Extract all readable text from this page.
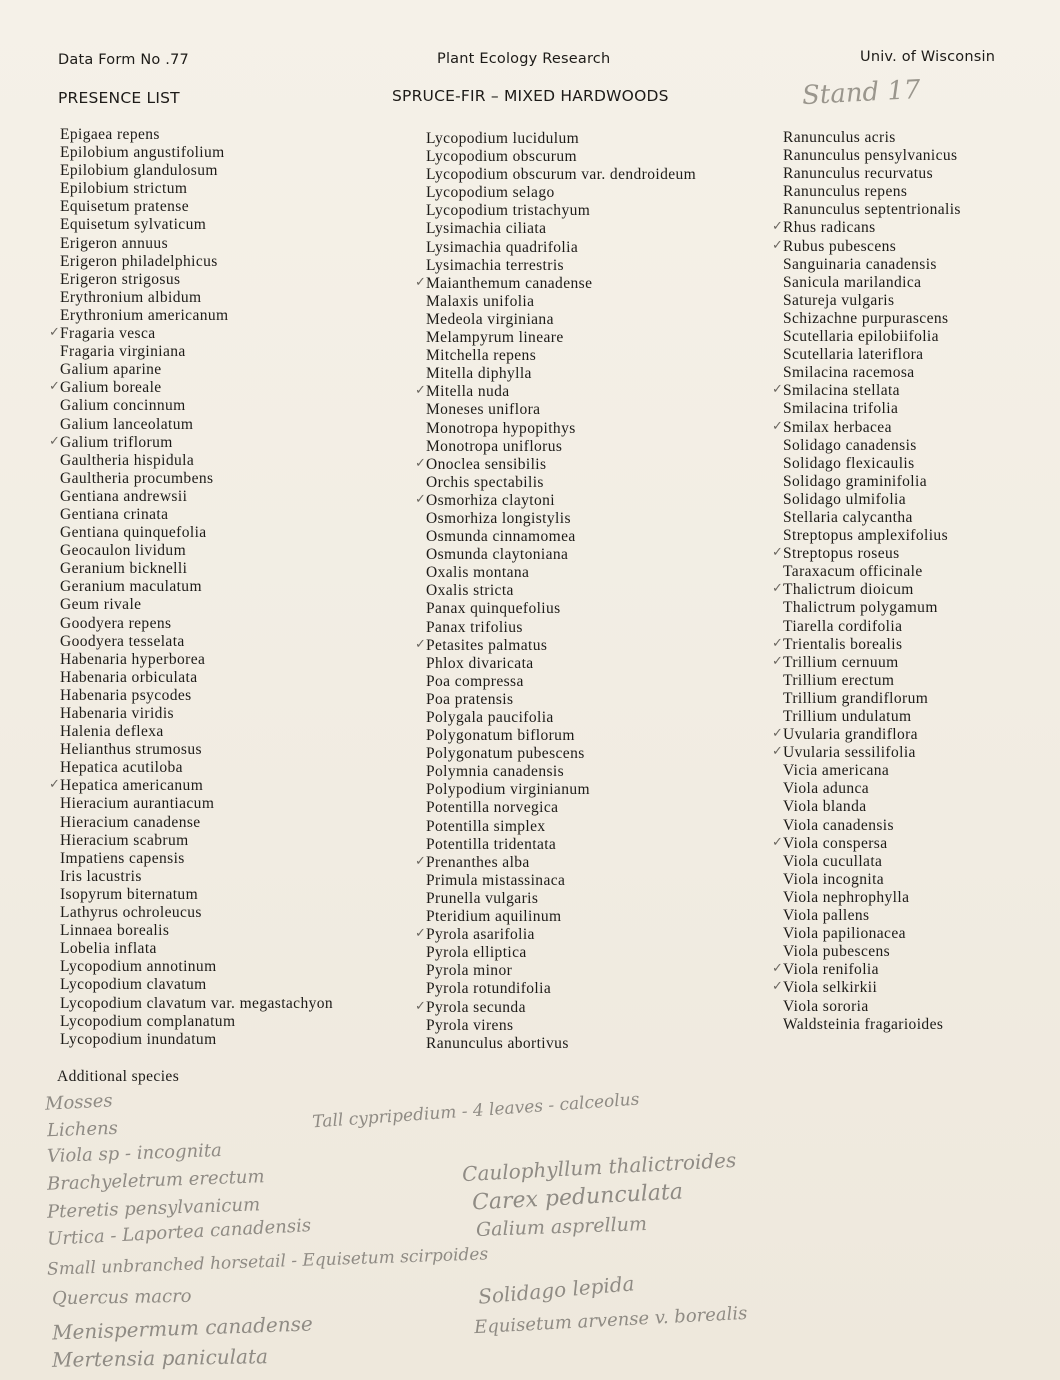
Data Form No .77	Plant Ecology Research	Univ. of Wisconsin
PRESENCE LIST	SPRUCE-FIR – MIXED HARDWOODS	Stand 17
Epigaea repens
Epilobium angustifolium
Epilobium glandulosum
Epilobium strictum
Equisetum pratense
Equisetum sylvaticum
Erigeron annuus
Erigeron philadelphicus
Erigeron strigosus
Erythronium albidum
Erythronium americanum
✓ Fragaria vesca
Fragaria virginiana
Galium aparine
✓ Galium boreale
Galium concinnum
Galium lanceolatum
✓ Galium triflorum
Gaultheria hispidula
Gaultheria procumbens
Gentiana andrewsii
Gentiana crinata
Gentiana quinquefolia
Geocaulon lividum
Geranium bicknelli
Geranium maculatum
Geum rivale
Goodyera repens
Goodyera tesselata
Habenaria hyperborea
Habenaria orbiculata
Habenaria psycodes
Habenaria viridis
Halenia deflexa
Helianthus strumosus
Hepatica acutiloba
✓ Hepatica americanum
Hieracium aurantiacum
Hieracium canadense
Hieracium scabrum
Impatiens capensis
Iris lacustris
Isopyrum biternatum
Lathyrus ochroleucus
Linnaea borealis
Lobelia inflata
Lycopodium annotinum
Lycopodium clavatum
Lycopodium clavatum var. megastachyon
Lycopodium complanatum
Lycopodium inundatum
Lycopodium lucidulum
Lycopodium obscurum
Lycopodium obscurum var. dendroideum
Lycopodium selago
Lycopodium tristachyum
Lysimachia ciliata
Lysimachia quadrifolia
Lysimachia terrestris
✓ Maianthemum canadense
Malaxis unifolia
Medeola virginiana
Melampyrum lineare
Mitchella repens
Mitella diphylla
✓ Mitella nuda
Moneses uniflora
Monotropa hypopithys
Monotropa uniflorus
✓ Onoclea sensibilis
Orchis spectabilis
✓ Osmorhiza claytoni
Osmorhiza longistylis
Osmunda cinnamomea
Osmunda claytoniana
Oxalis montana
Oxalis stricta
Panax quinquefolius
Panax trifolius
✓ Petasites palmatus
Phlox divaricata
Poa compressa
Poa pratensis
Polygala paucifolia
Polygonatum biflorum
Polygonatum pubescens
Polymnia canadensis
Polypodium virginianum
Potentilla norvegica
Potentilla simplex
Potentilla tridentata
✓ Prenanthes alba
Primula mistassinaca
Prunella vulgaris
Pteridium aquilinum
✓ Pyrola asarifolia
Pyrola elliptica
Pyrola minor
Pyrola rotundifolia
✓ Pyrola secunda
Pyrola virens
Ranunculus abortivus
Ranunculus acris
Ranunculus pensylvanicus
Ranunculus recurvatus
Ranunculus repens
Ranunculus septentrionalis
✓ Rhus radicans
✓ Rubus pubescens
Sanguinaria canadensis
Sanicula marilandica
Satureja vulgaris
Schizachne purpurascens
Scutellaria epilobiifolia
Scutellaria lateriflora
Smilacina racemosa
✓ Smilacina stellata
Smilacina trifolia
✓ Smilax herbacea
Solidago canadensis
Solidago flexicaulis
Solidago graminifolia
Solidago ulmifolia
Stellaria calycantha
Streptopus amplexifolius
✓ Streptopus roseus
Taraxacum officinale
✓ Thalictrum dioicum
Thalictrum polygamum
Tiarella cordifolia
✓ Trientalis borealis
✓ Trillium cernuum
Trillium erectum
Trillium grandiflorum
Trillium undulatum
✓ Uvularia grandiflora
✓ Uvularia sessilifolia
Vicia americana
Viola adunca
Viola blanda
Viola canadensis
✓ Viola conspersa
Viola cucullata
Viola incognita
Viola nephrophylla
Viola pallens
Viola papilionacea
Viola pubescens
✓ Viola renifolia
✓ Viola selkirkii
Viola sororia
Waldsteinia fragarioides
Additional species
Mosses
Lichens
Viola sp - incognita
Brachyeletrum erectum
Pteretis pensylvanicum
Urtica - Laportea canadensis
Small unbranched horsetail - Equisetum scirpoides
Quercus macro
Menispermum canadense
Mertensia paniculata
Tall cypripedium - 4 leaves - calceolus
Caulophyllum thalictroides
Carex pedunculata
Galium asprellum
Solidago lepida
Equisetum arvense v. borealis
